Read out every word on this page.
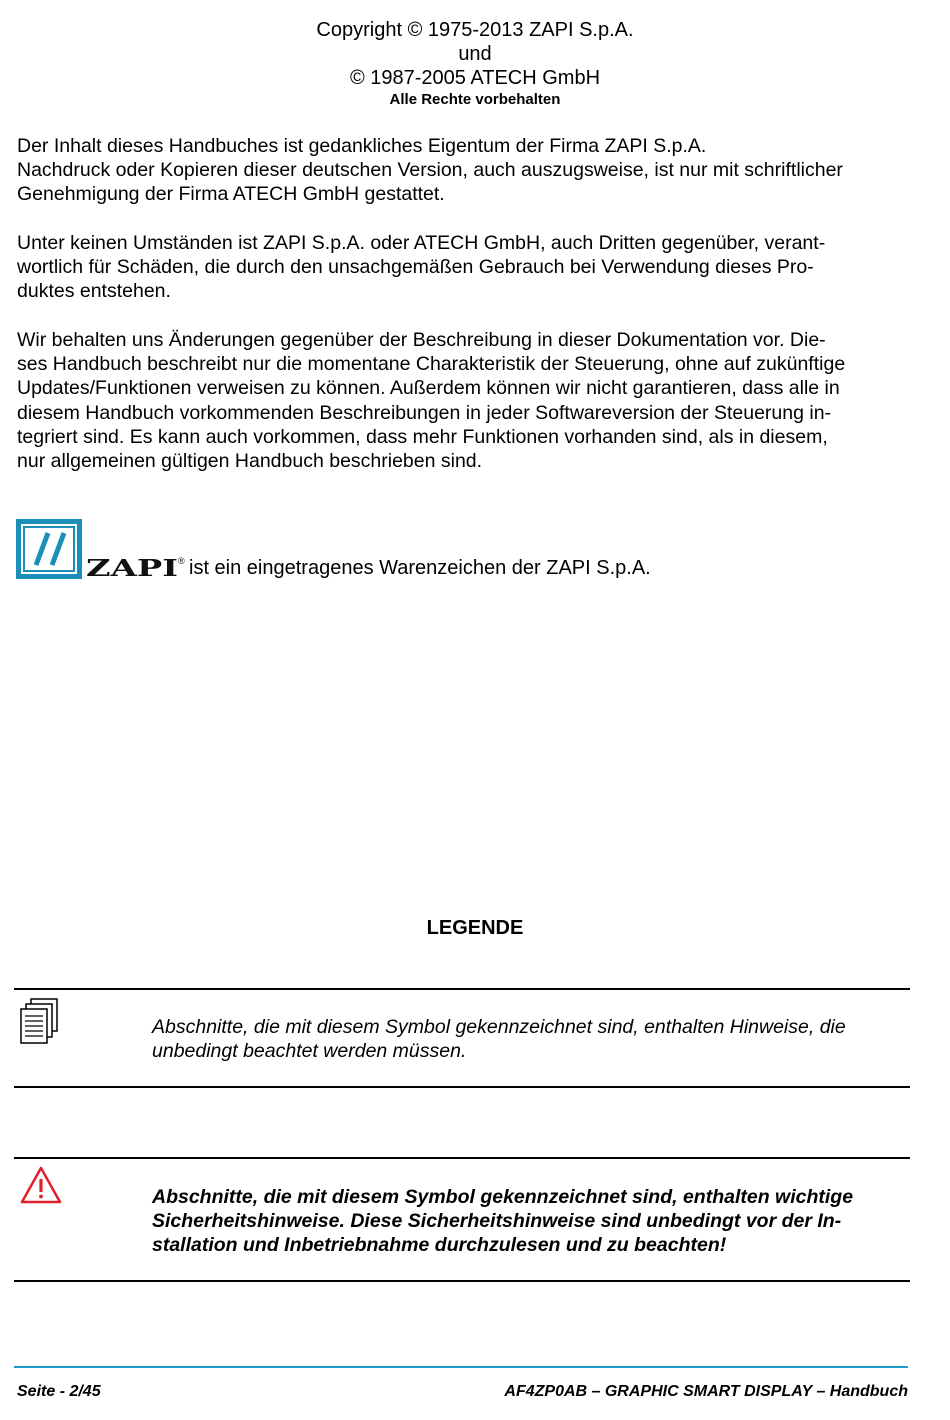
Copyright © 1975-2013 ZAPI S.p.A.
und
© 1987-2005 ATECH GmbH
Alle Rechte vorbehalten
Der Inhalt dieses Handbuches ist gedankliches Eigentum der Firma ZAPI S.p.A.
Nachdruck oder Kopieren dieser deutschen Version, auch auszugsweise, ist nur mit schriftlicher
Genehmigung der Firma ATECH GmbH gestattet.
Unter keinen Umständen ist ZAPI S.p.A. oder ATECH GmbH, auch Dritten gegenüber, verant-
wortlich für Schäden, die durch den unsachgemäßen Gebrauch bei Verwendung dieses Pro-
duktes entstehen.
Wir behalten uns Änderungen gegenüber der Beschreibung in dieser Dokumentation vor. Die-
ses Handbuch beschreibt nur die momentane Charakteristik der Steuerung, ohne auf zukünftige
Updates/Funktionen verweisen zu können. Außerdem können wir nicht garantieren, dass alle in
diesem Handbuch vorkommenden Beschreibungen in jeder Softwareversion der Steuerung in-
tegriert sind. Es kann auch vorkommen, dass mehr Funktionen vorhanden sind, als in diesem,
nur allgemeinen gültigen Handbuch beschrieben sind.
ZAPI ® ist ein eingetragenes Warenzeichen der ZAPI S.p.A.
LEGENDE
Abschnitte, die mit diesem Symbol gekennzeichnet sind, enthalten Hinweise, die
unbedingt beachtet werden müssen.
Abschnitte, die mit diesem Symbol gekennzeichnet sind, enthalten wichtige
Sicherheitshinweise. Diese Sicherheitshinweise sind unbedingt vor der In-
stallation und Inbetriebnahme durchzulesen und zu beachten!
Seite - 2/45	AF4ZP0AB – GRAPHIC SMART DISPLAY – Handbuch
